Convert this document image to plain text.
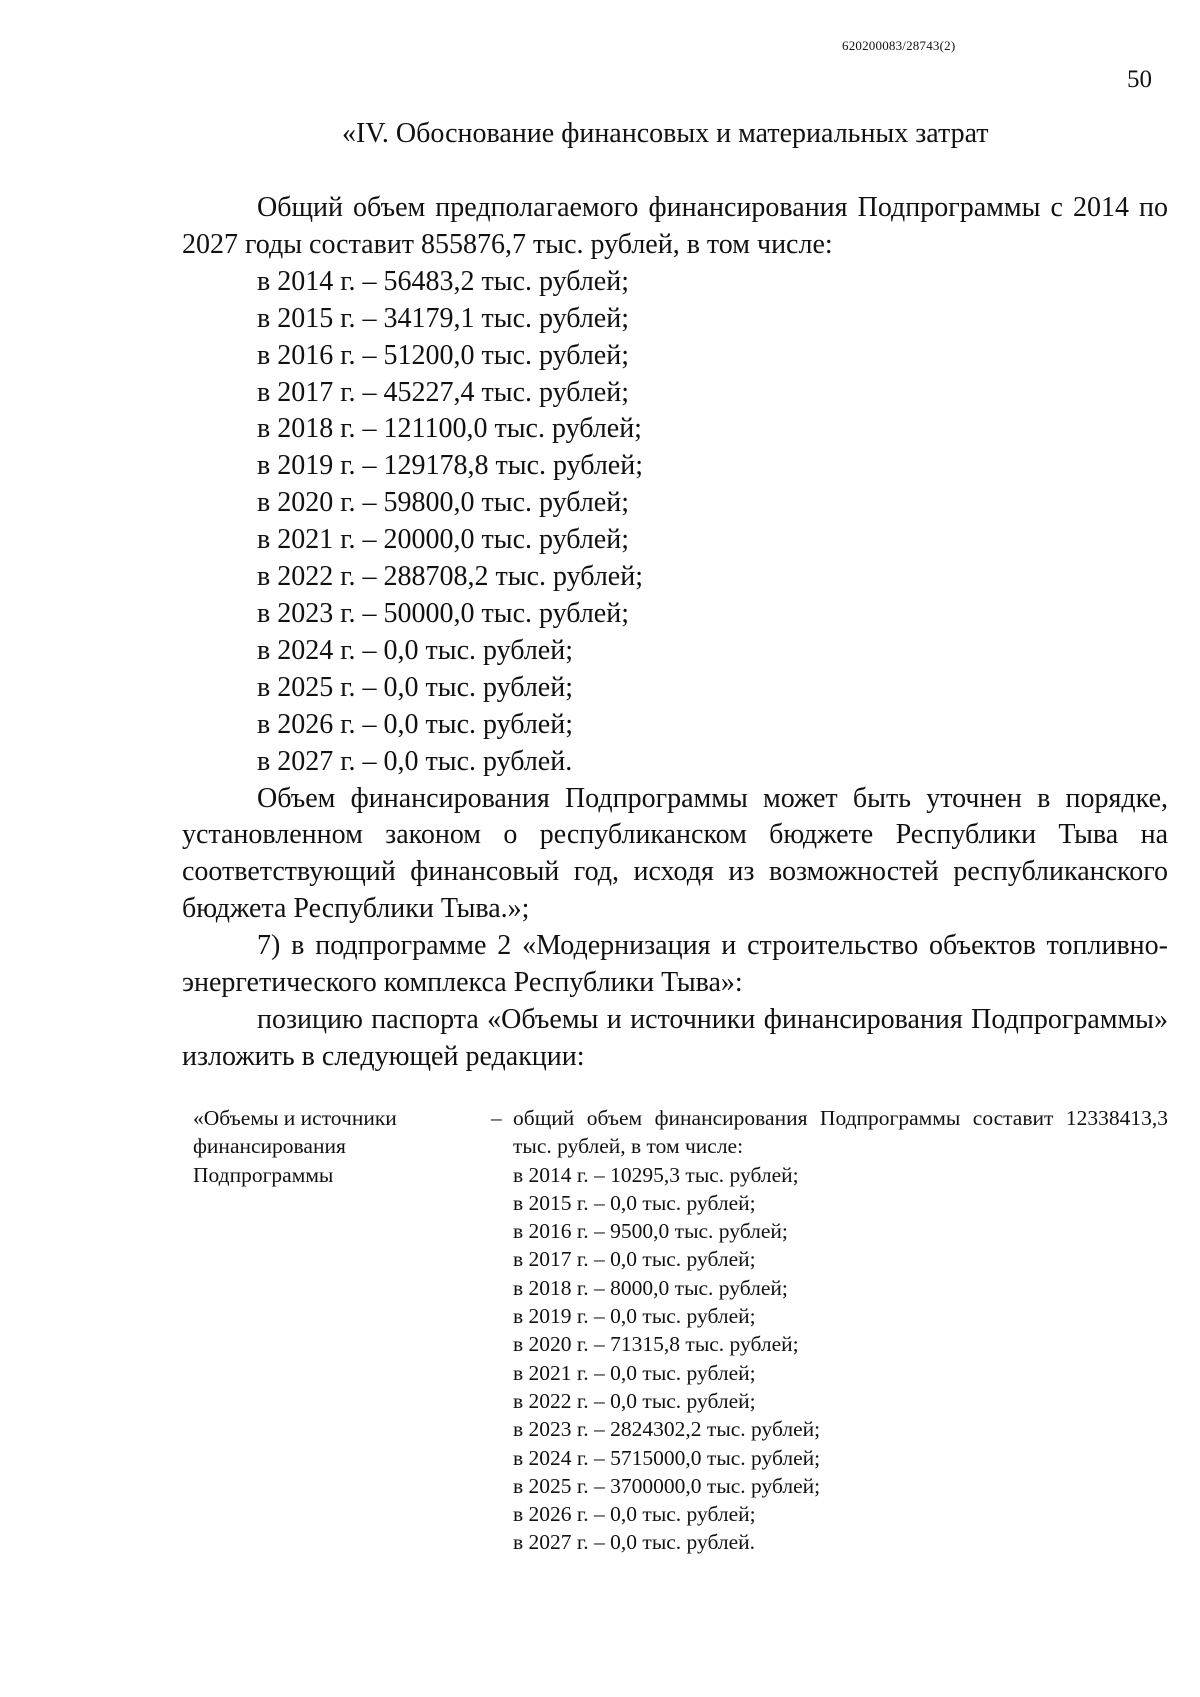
620200083/28743(2)
50
«IV. Обоснование финансовых и материальных затрат

Общий объем предполагаемого финансирования Подпрограммы с 2014 по 2027 годы составит 855876,7 тыс. рублей, в том числе:

в 2014 г. – 56483,2 тыс. рублей;

в 2015 г. – 34179,1 тыс. рублей;

в 2016 г. – 51200,0 тыс. рублей;

в 2017 г. – 45227,4 тыс. рублей;

в 2018 г. – 121100,0 тыс. рублей;

в 2019 г. – 129178,8 тыс. рублей;

в 2020 г. – 59800,0 тыс. рублей;

в 2021 г. – 20000,0 тыс. рублей;

в 2022 г. – 288708,2 тыс. рублей;

в 2023 г. – 50000,0 тыс. рублей;

в 2024 г. – 0,0 тыс. рублей;

в 2025 г. – 0,0 тыс. рублей;

в 2026 г. – 0,0 тыс. рублей;

в 2027 г. – 0,0 тыс. рублей.

Объем финансирования Подпрограммы может быть уточнен в порядке, установленном законом о республиканском бюджете Республики Тыва на соответствующий финансовый год, исходя из возможностей республиканского бюджета Республики Тыва.»;

7) в подпрограмме 2 «Модернизация и строительство объектов топливно-энергетического комплекса Республики Тыва»:

позицию паспорта «Объемы и источники финансирования Подпрограммы» изложить в следующей редакции:

«Объемы и источники финансирования Подпрограммы
– общий объем финансирования Подпрограммы составит 12338413,3 тыс. рублей, в том числе:

в 2014 г. – 10295,3 тыс. рублей;

в 2015 г. – 0,0 тыс. рублей;

в 2016 г. – 9500,0 тыс. рублей;

в 2017 г. – 0,0 тыс. рублей;

в 2018 г. – 8000,0 тыс. рублей;

в 2019 г. – 0,0 тыс. рублей;

в 2020 г. – 71315,8 тыс. рублей;

в 2021 г. – 0,0 тыс. рублей;

в 2022 г. – 0,0 тыс. рублей;

в 2023 г. – 2824302,2 тыс. рублей;

в 2024 г. – 5715000,0 тыс. рублей;

в 2025 г. – 3700000,0 тыс. рублей;

в 2026 г. – 0,0 тыс. рублей;

в 2027 г. – 0,0 тыс. рублей.
